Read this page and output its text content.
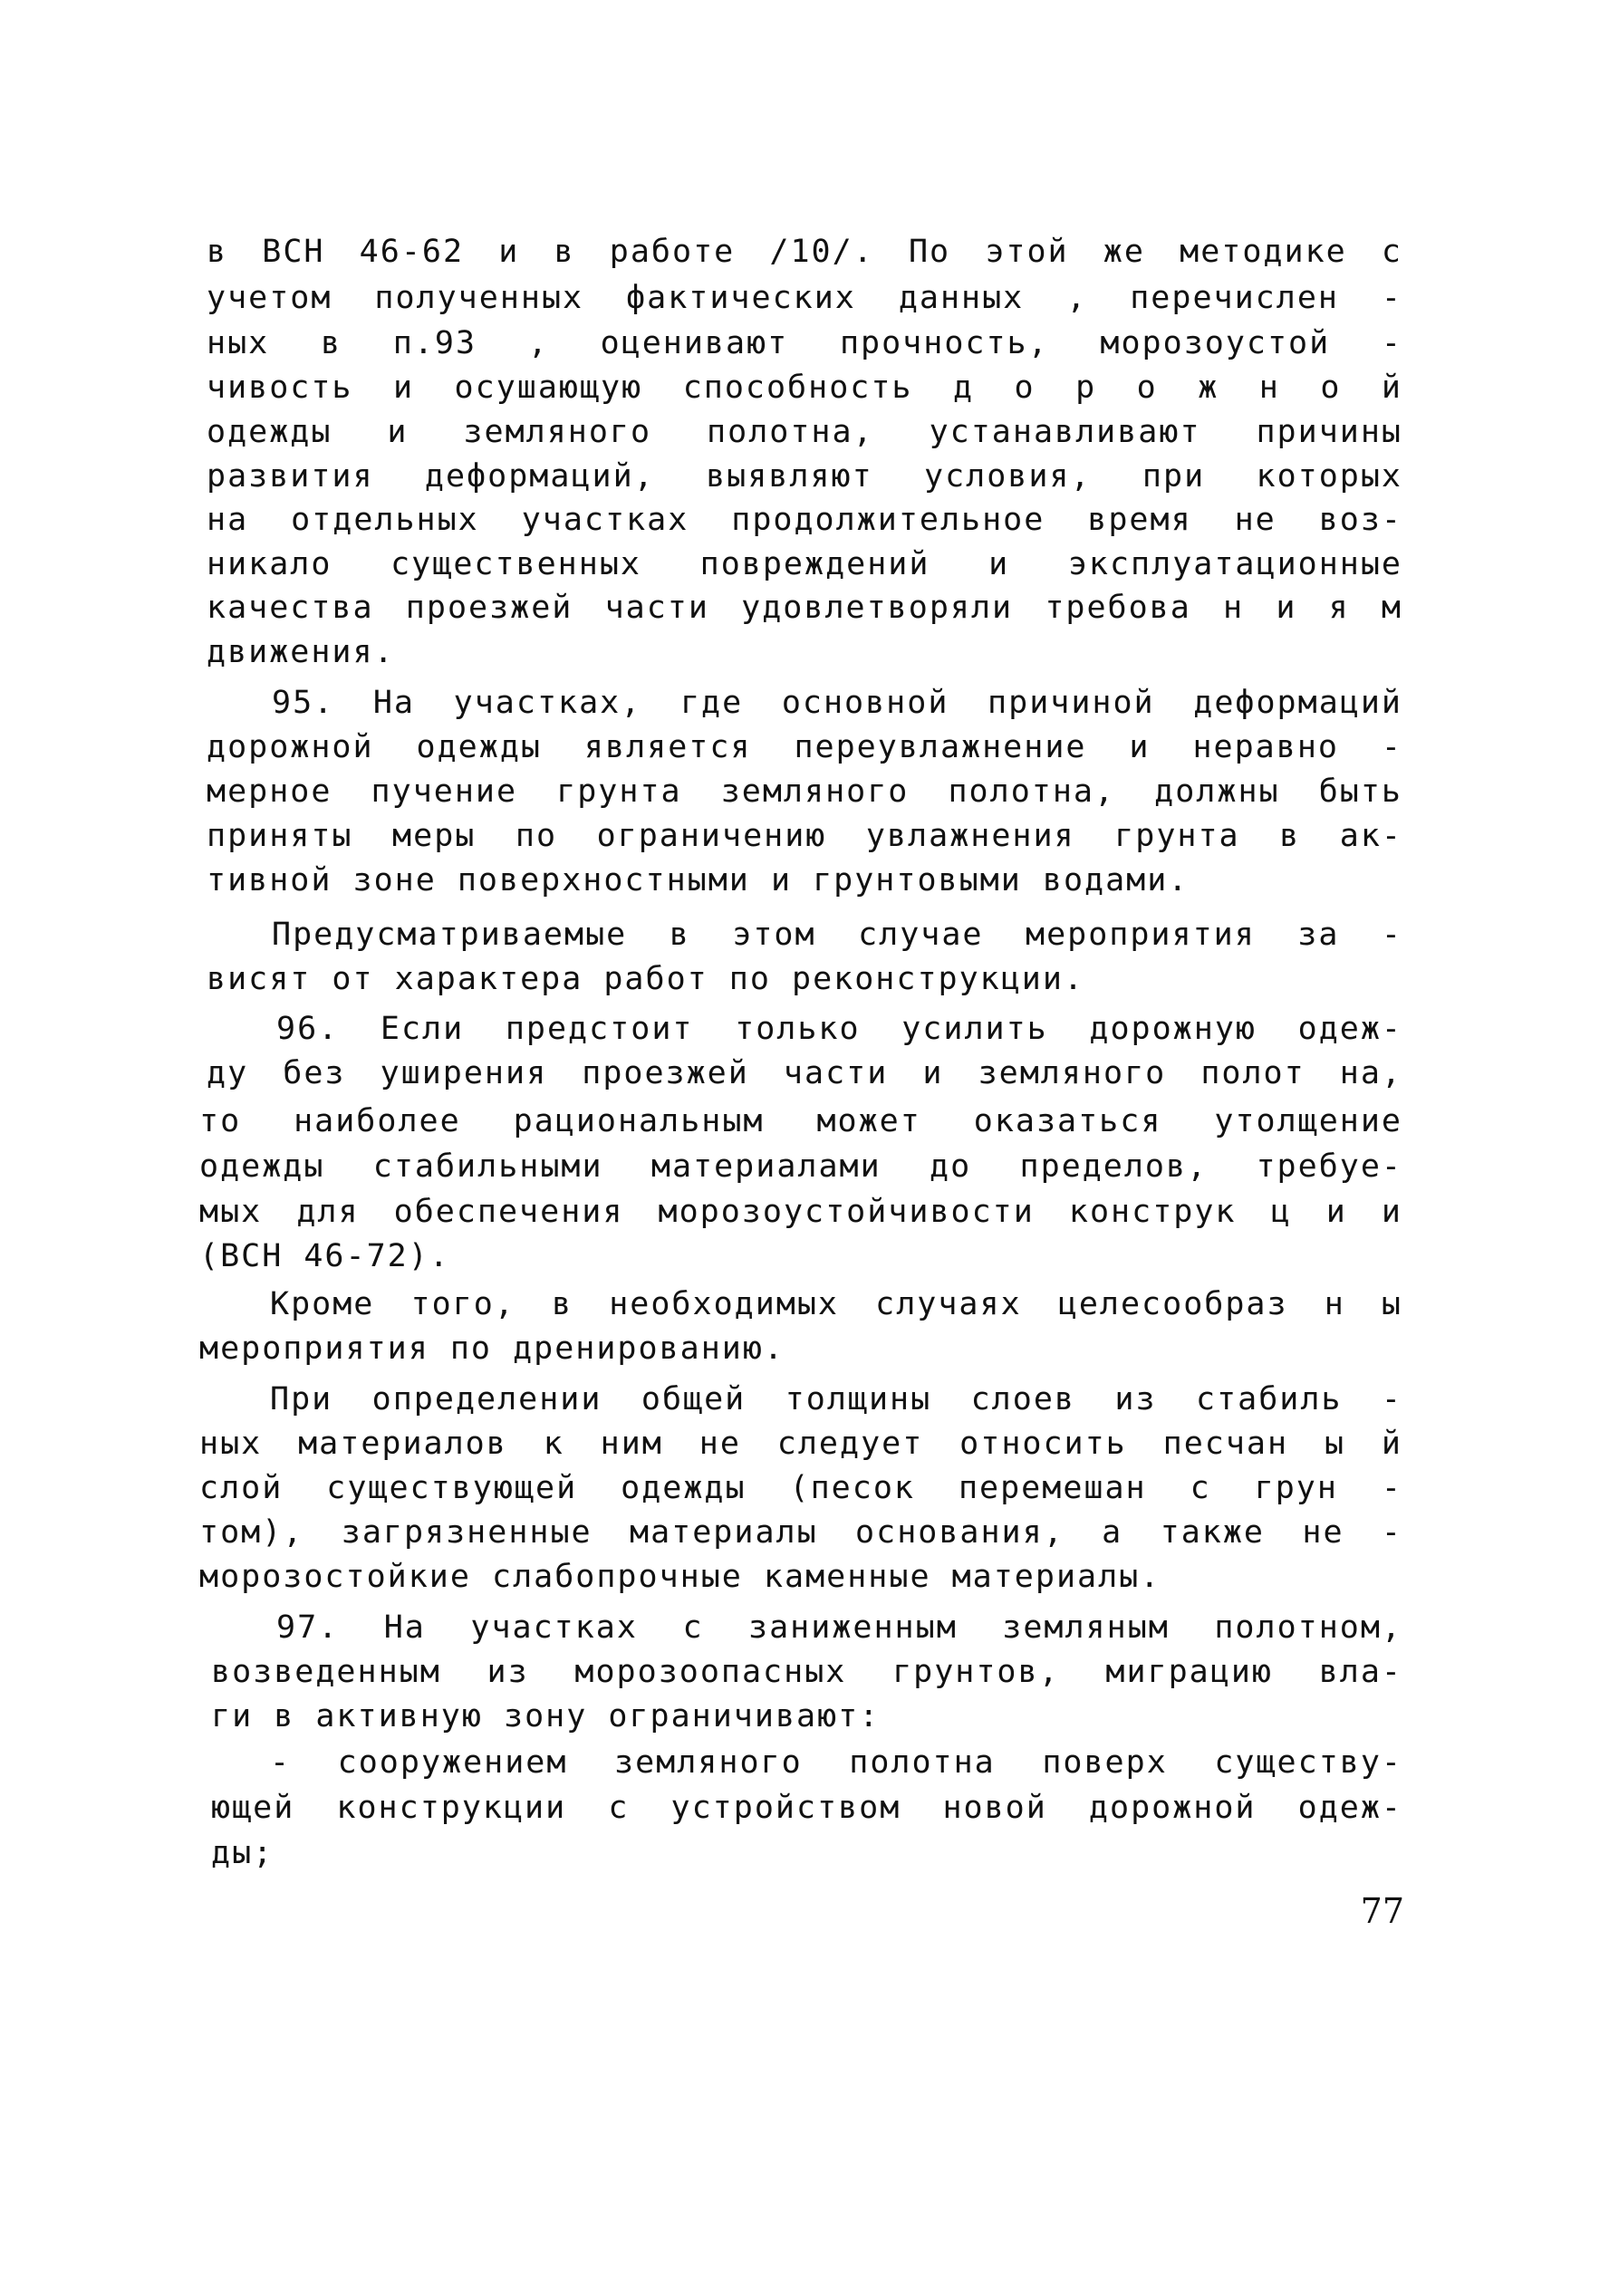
в ВСН 46-62 и в работе /10/. По этой же методике с
учетом полученных фактических данных , перечислен -
ных в п.93 , оценивают прочность, морозоустой -
чивость и осушающую способность д о р о ж н о й
одежды и земляного полотна, устанавливают причины
развития деформаций, выявляют условия, при которых
на отдельных участках продолжительное время не воз-
никало существенных повреждений и эксплуатационные
качества проезжей части удовлетворяли требова н и я м
движения.
95. На участках, где основной причиной деформаций
дорожной одежды является переувлажнение и неравно -
мерное пучение грунта земляного полотна, должны быть
приняты меры по ограничению увлажнения грунта в ак-
тивной зоне поверхностными и грунтовыми водами.
Предусматриваемые в этом случае мероприятия за -
висят от характера работ по реконструкции.
96. Если предстоит только усилить дорожную одеж-
ду без уширения проезжей части и земляного полот на,
то наиболее рациональным может оказаться утолщение
одежды стабильными материалами до пределов, требуе-
мых для обеспечения морозоустойчивости конструк ц и и
(ВСН 46-72).
Кроме того, в необходимых случаях целесообраз н ы
мероприятия по дренированию.
При определении общей толщины слоев из стабиль -
ных материалов к ним не следует относить песчан ы й
слой существующей одежды (песок перемешан с грун -
том), загрязненные материалы основания, а также не -
морозостойкие слабопрочные каменные материалы.
97. На участках с заниженным земляным полотном,
возведенным из морозоопасных грунтов, миграцию вла-
ги в активную зону ограничивают:
- сооружением земляного полотна поверх существу-
ющей конструкции с устройством новой дорожной одеж-
ды;
77
